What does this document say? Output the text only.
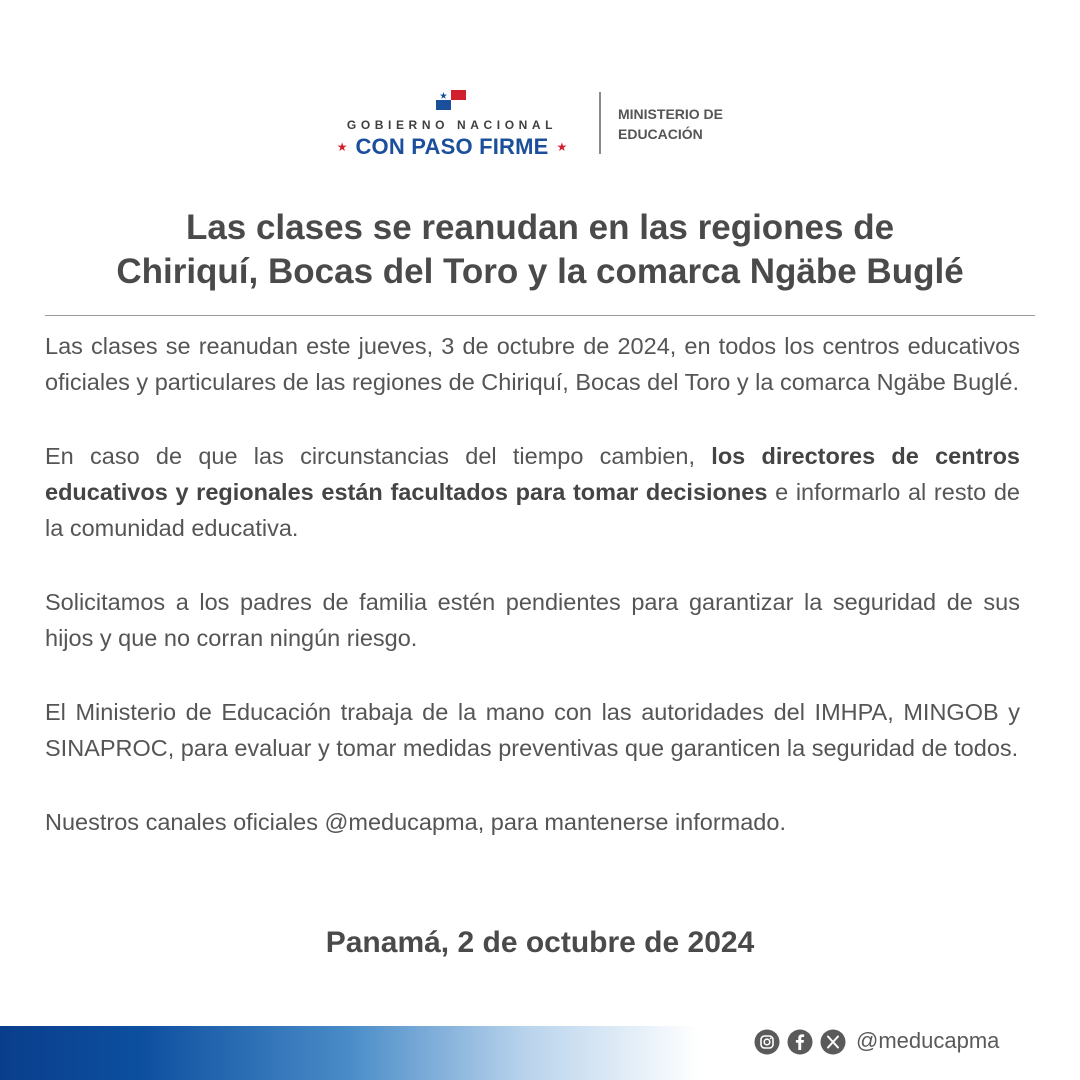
GOBIERNO NACIONAL
★ CON PASO FIRME ★
MINISTERIO DE
EDUCACIÓN
Las clases se reanudan en las regiones de
Chiriquí, Bocas del Toro y la comarca Ngäbe Buglé

Las clases se reanudan este jueves, 3 de octubre de 2024, en todos los centros educativos oficiales y particulares de las regiones de Chiriquí, Bocas del Toro y la comarca Ngäbe Buglé.

En caso de que las circunstancias del tiempo cambien, los directores de centros educativos y regionales están facultados para tomar decisiones e informarlo al resto de la comunidad educativa.

Solicitamos a los padres de familia estén pendientes para garantizar la seguridad de sus hijos y que no corran ningún riesgo.

El Ministerio de Educación trabaja de la mano con las autoridades del IMHPA, MINGOB y SINAPROC, para evaluar y tomar medidas preventivas que garanticen la seguridad de todos.

Nuestros canales oficiales @meducapma, para mantenerse informado.

Panamá, 2 de octubre de 2024
@meducapma
